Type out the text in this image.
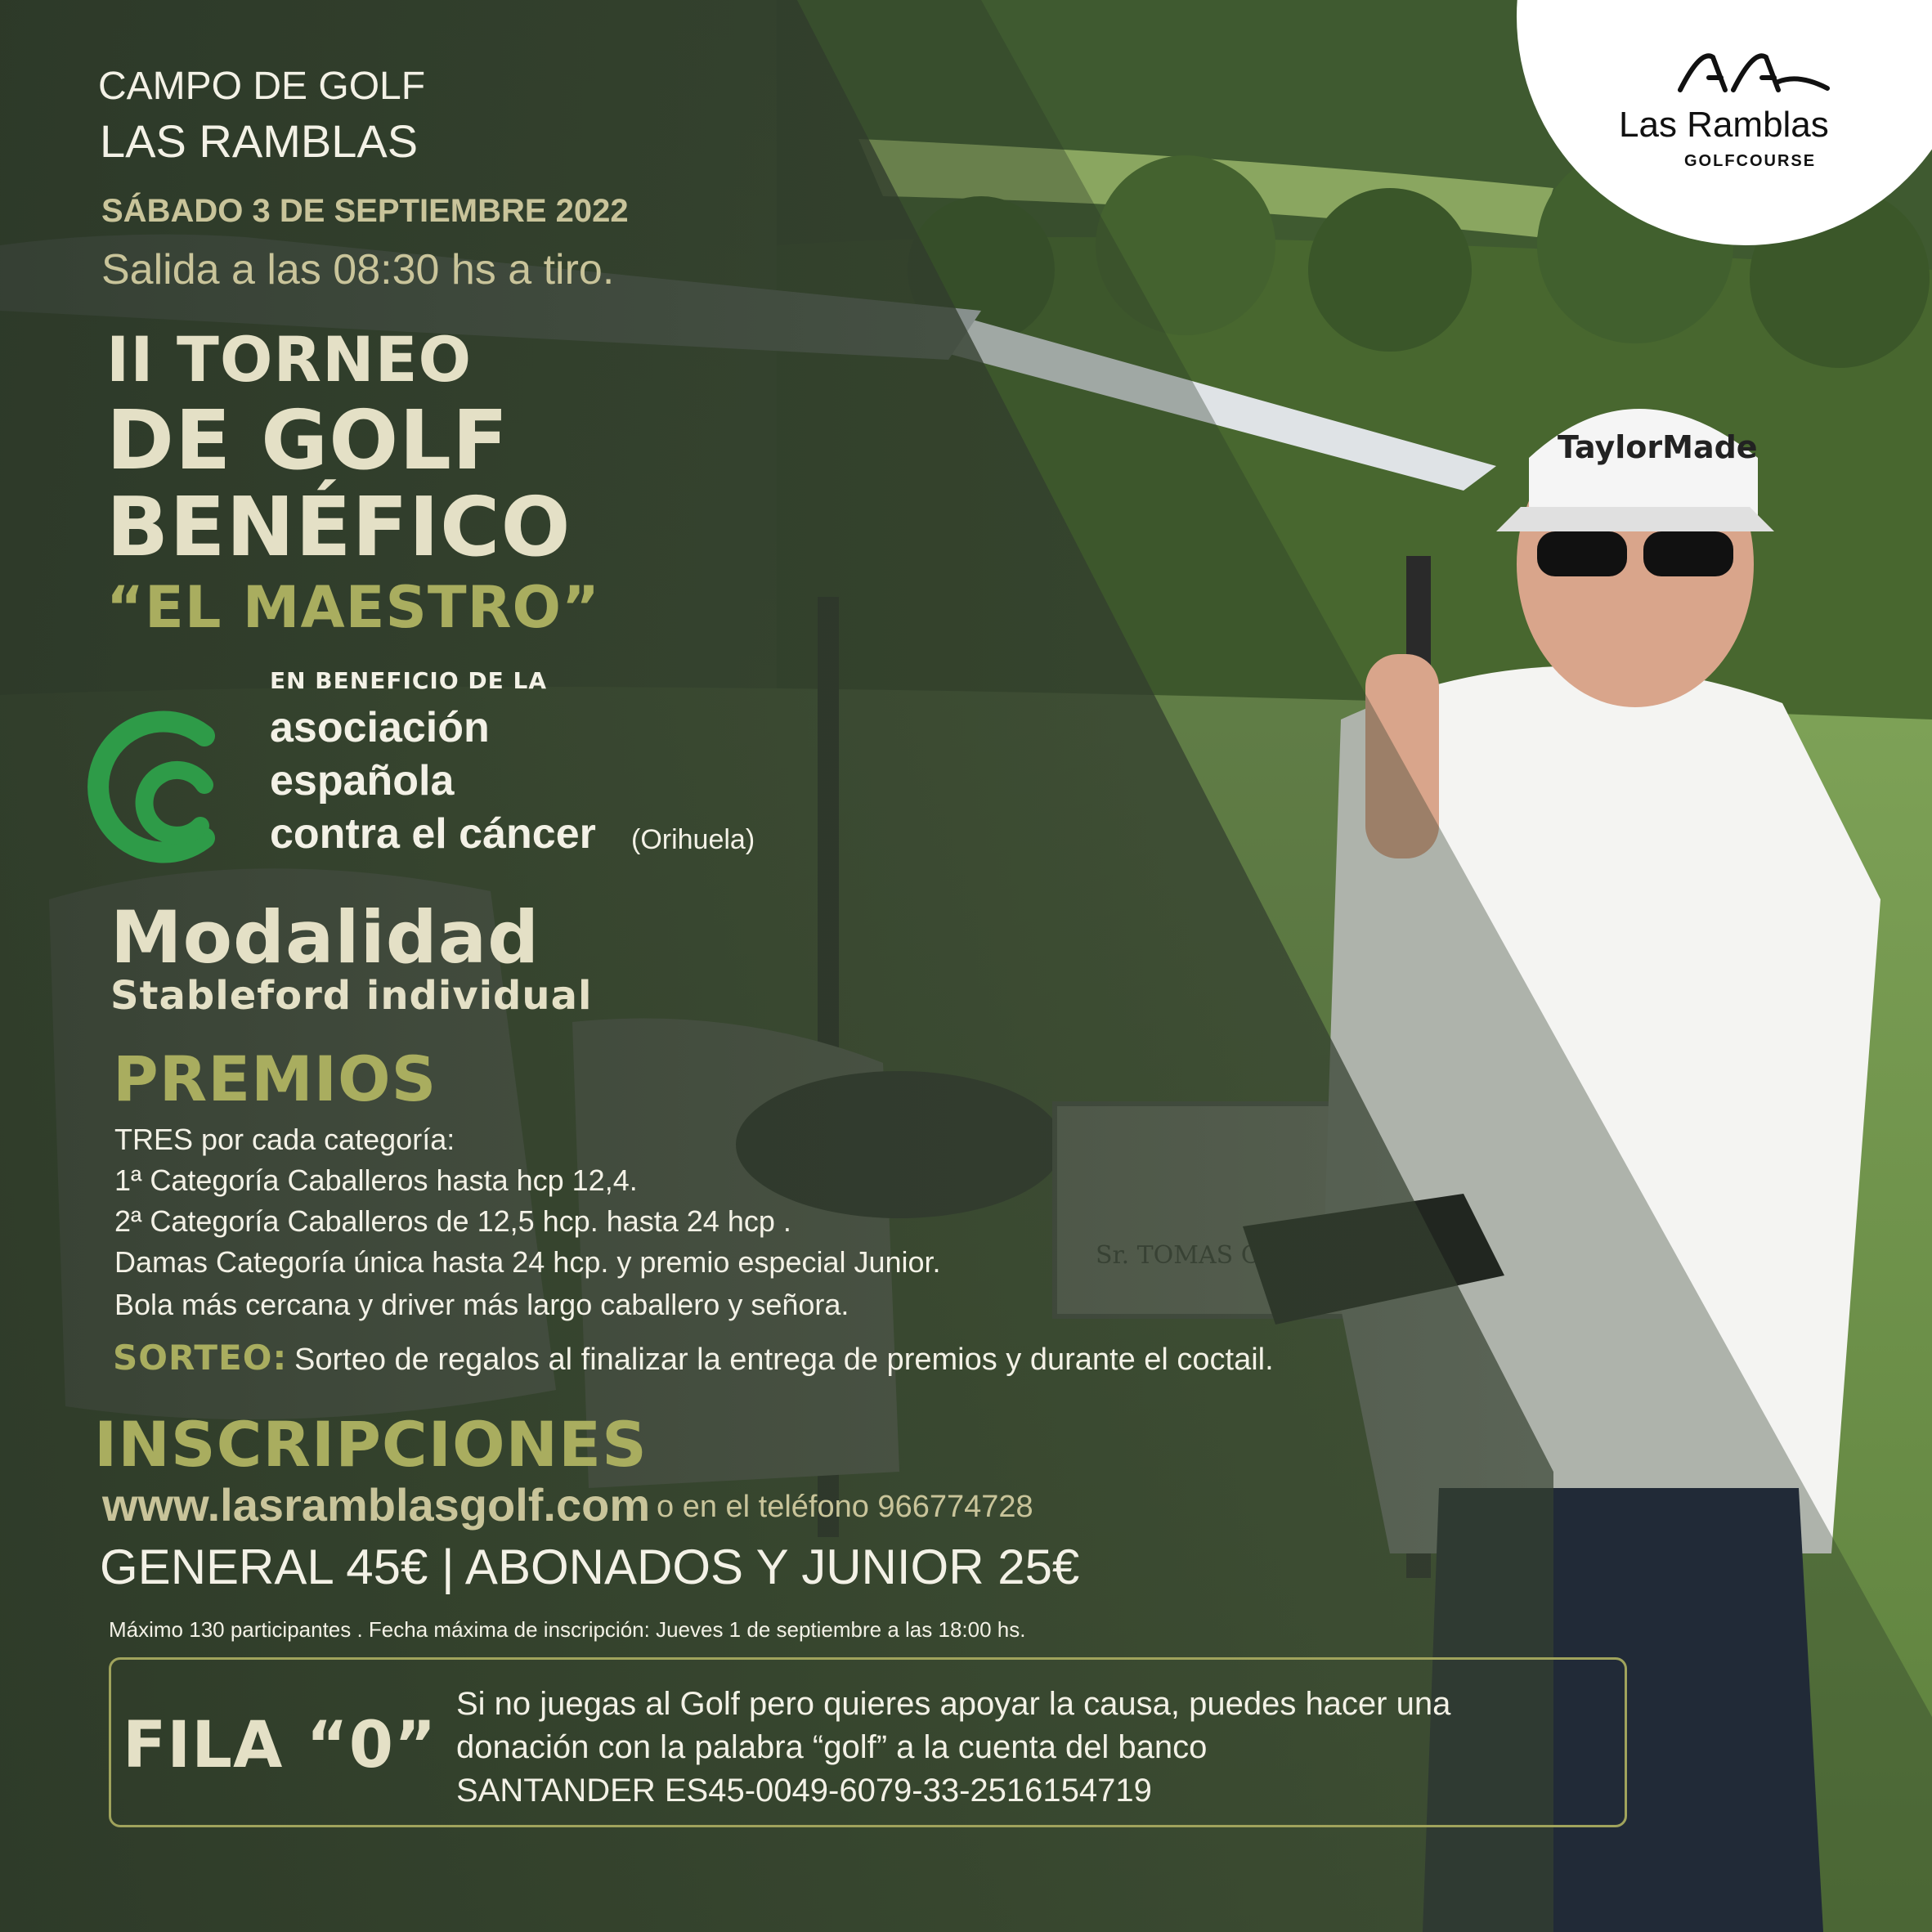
TaylorMade
Las Ramblas
GOLFCOURSE
CAMPO DE GOLF
LAS RAMBLAS
SÁBADO 3 DE SEPTIEMBRE 2022
Salida a las 08:30 hs a tiro.
II TORNEO
DE GOLF
BENÉFICO
“EL MAESTRO”
EN BENEFICIO DE LA
asociación
española
contra el cáncer (Orihuela)
Modalidad
Stableford individual
PREMIOS
TRES por cada categoría:
1ª Categoría Caballeros hasta hcp 12,4.
2ª Categoría Caballeros de 12,5 hcp. hasta 24 hcp .
Damas Categoría única hasta 24 hcp. y premio especial Junior.
Bola más cercana y driver más largo caballero y señora.
SORTEO: Sorteo de regalos al finalizar la entrega de premios y durante el coctail.
INSCRIPCIONES
www.lasramblasgolf.com o en el teléfono 966774728
GENERAL 45€ | ABONADOS Y JUNIOR 25€
Máximo 130 participantes . Fecha máxima de inscripción: Jueves 1 de septiembre a las 18:00 hs.
FILA “0”
Si no juegas al Golf pero quieres apoyar la causa, puedes hacer una
donación con la palabra “golf” a la cuenta del banco
SANTANDER ES45-0049-6079-33-2516154719
